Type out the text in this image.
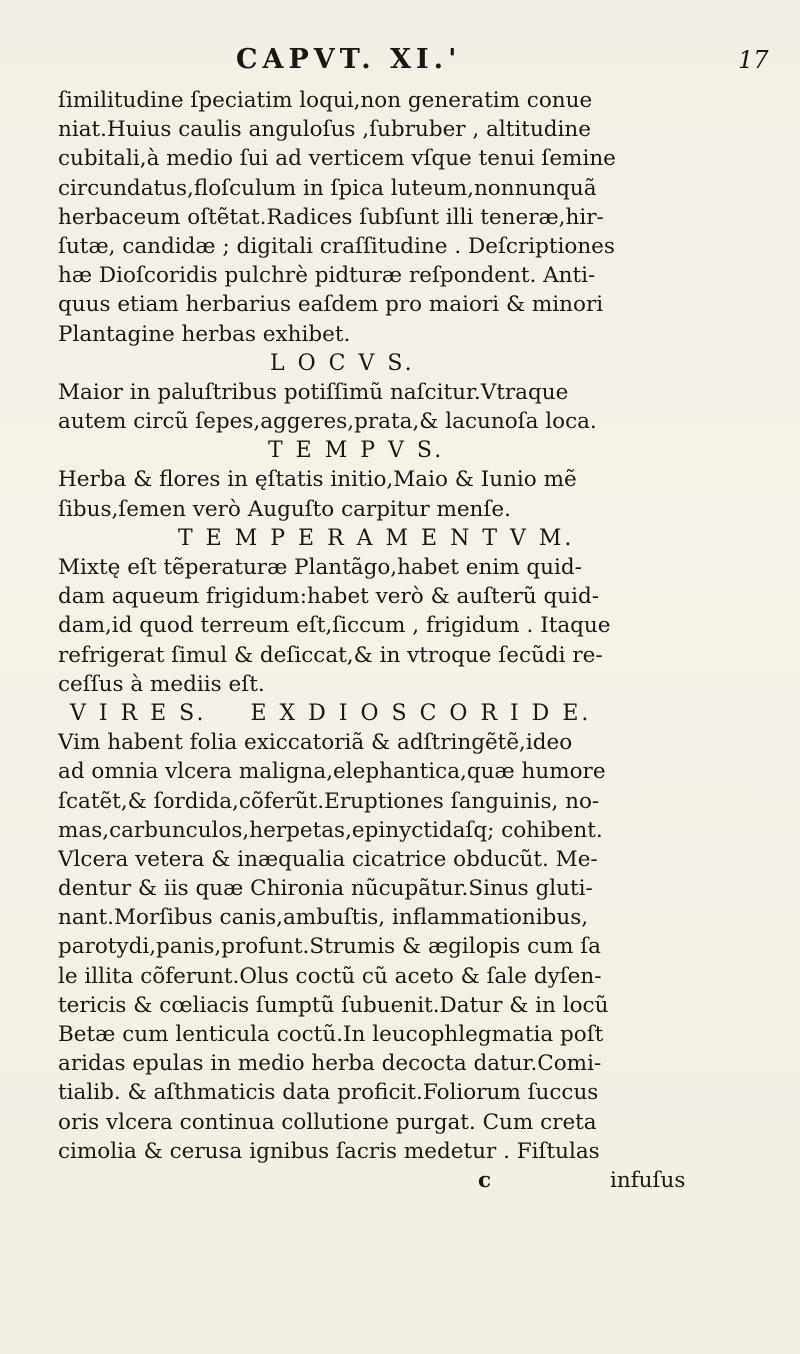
CAPVT. XI.'	17
ſimilitudine ſpeciatim loqui,non generatim conue
niat.Huius caulis anguloſus ,ſubruber , altitudine
cubitali,à medio ſui ad verticem vſque tenui ſemine
circundatus,floſculum in ſpica luteum,nonnunquã
herbaceum oſtẽtat.Radices ſubſunt illi teneræ,hir-
ſutæ, candidæ ; digitali craſſitudine . Deſcriptiones
hæ Dioſcoridis pulchrè pidturæ reſpondent. Anti-
quus etiam herbarius eaſdem pro maiori & minori
Plantagine herbas exhibet.
L O C V S.
Maior in paluſtribus potiſſimũ naſcitur.Vtraque
autem circũ ſepes,aggeres,prata,& lacunoſa loca.
T E M P V S.
Herba & flores in ęſtatis initio,Maio & Iunio mẽ
ſibus,ſemen verò Auguſto carpitur menſe.
T E M P E R A M E N T V M.
Mixtę eſt tẽperaturæ Plantãgo,habet enim quid-
dam aqueum frigidum:habet verò & auſterũ quid-
dam,id quod terreum eſt,ſiccum , frigidum . Itaque
refrigerat ſimul & deſiccat,& in vtroque ſecũdi re-
ceſſus à mediis eſt.
V I R E S. E X D I O S C O R I D E.
Vim habent folia exiccatoriã & adſtringẽtẽ,ideo
ad omnia vlcera maligna,elephantica,quæ humore
ſcatẽt,& ſordida,cõferũt.Eruptiones ſanguinis, no-
mas,carbunculos,herpetas,epinyctidaſq; cohibent.
Vlcera vetera & inæqualia cicatrice obducũt. Me-
dentur & iis quæ Chironia nũcupãtur.Sinus gluti-
nant.Morſibus canis,ambuſtis, inflammationibus,
parotydi,panis,profunt.Strumis & ægilopis cum ſa
le illita cõferunt.Olus coctũ cũ aceto & ſale dyſen-
tericis & cœliacis ſumptũ ſubuenit.Datur & in locũ
Betæ cum lenticula coctũ.In leucophlegmatia poſt
aridas epulas in medio herba decocta datur.Comi-
tialib. & aſthmaticis data proficit.Foliorum ſuccus
oris vlcera continua collutione purgat. Cum creta
cimolia & cerusa ignibus ſacris medetur . Fiſtulas
c	infuſus
